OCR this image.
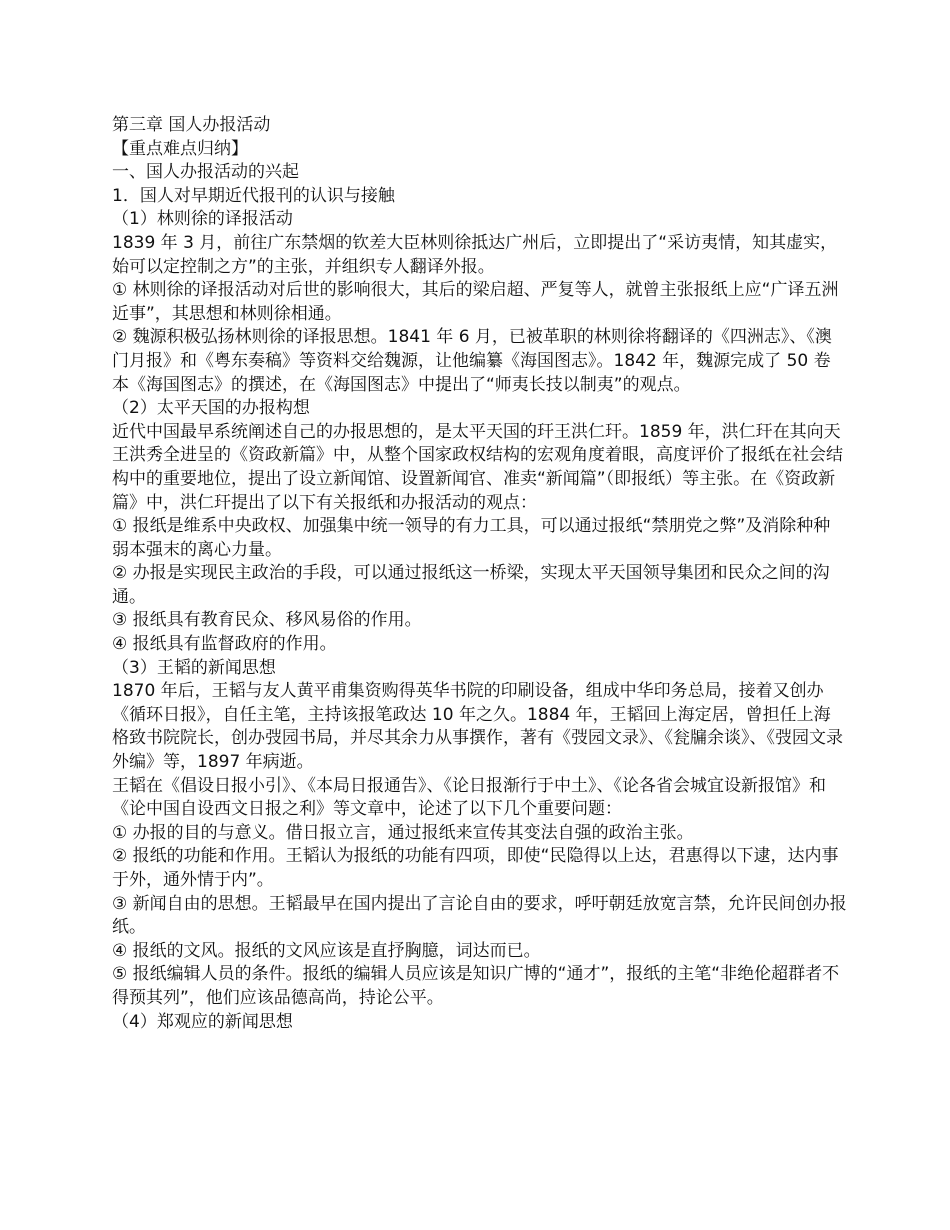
第三章 国人办报活动

【重点难点归纳】

一、国人办报活动的兴起

1．国人对早期近代报刊的认识与接触

（1）林则徐的译报活动

1839 年 3 月，前往广东禁烟的钦差大臣林则徐抵达广州后，立即提出了“采访夷情，知其虚实，始可以定控制之方”的主张，并组织专人翻译外报。

① 林则徐的译报活动对后世的影响很大，其后的梁启超、严复等人，就曾主张报纸上应“广译五洲近事”，其思想和林则徐相通。

② 魏源积极弘扬林则徐的译报思想。1841 年 6 月，已被革职的林则徐将翻译的《四洲志》、《澳门月报》和《粤东奏稿》等资料交给魏源，让他编纂《海国图志》。1842 年，魏源完成了 50 卷本《海国图志》的撰述，在《海国图志》中提出了“师夷长技以制夷”的观点。

（2）太平天国的办报构想

近代中国最早系统阐述自己的办报思想的，是太平天国的玕王洪仁玕。1859 年，洪仁玕在其向天王洪秀全进呈的《资政新篇》中，从整个国家政权结构的宏观角度着眼，高度评价了报纸在社会结构中的重要地位，提出了设立新闻馆、设置新闻官、准卖“新闻篇”（即报纸）等主张。在《资政新篇》中，洪仁玕提出了以下有关报纸和办报活动的观点：

① 报纸是维系中央政权、加强集中统一领导的有力工具，可以通过报纸“禁朋党之弊”及消除种种弱本强末的离心力量。

② 办报是实现民主政治的手段，可以通过报纸这一桥梁，实现太平天国领导集团和民众之间的沟通。

③ 报纸具有教育民众、移风易俗的作用。

④ 报纸具有监督政府的作用。

（3）王韬的新闻思想

1870 年后，王韬与友人黄平甫集资购得英华书院的印刷设备，组成中华印务总局，接着又创办《循环日报》，自任主笔，主持该报笔政达 10 年之久。1884 年，王韬回上海定居，曾担任上海格致书院院长，创办弢园书局，并尽其余力从事撰作，著有《弢园文录》、《瓮牖余谈》、《弢园文录外编》等，1897 年病逝。

王韬在《倡设日报小引》、《本局日报通告》、《论日报渐行于中土》、《论各省会城宜设新报馆》和《论中国自设西文日报之利》等文章中，论述了以下几个重要问题：

① 办报的目的与意义。借日报立言，通过报纸来宣传其变法自强的政治主张。

② 报纸的功能和作用。王韬认为报纸的功能有四项，即使“民隐得以上达，君惠得以下逮，达内事于外，通外情于内”。

③ 新闻自由的思想。王韬最早在国内提出了言论自由的要求，呼吁朝廷放宽言禁，允许民间创办报纸。

④ 报纸的文风。报纸的文风应该是直抒胸臆，词达而已。

⑤ 报纸编辑人员的条件。报纸的编辑人员应该是知识广博的“通才”，报纸的主笔“非绝伦超群者不得预其列”，他们应该品德高尚，持论公平。

（4）郑观应的新闻思想
